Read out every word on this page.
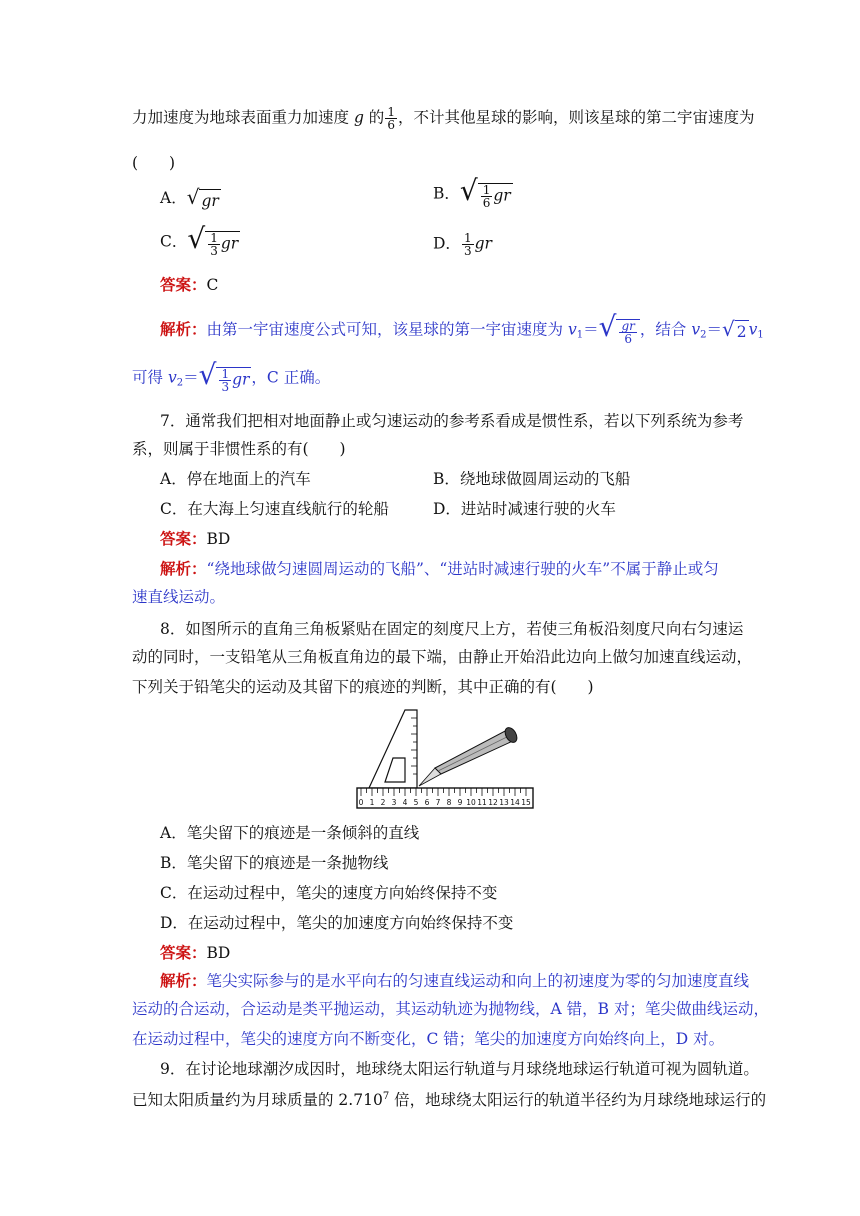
力加速度为地球表面重力加速度 g 的 $\frac{1}{6}$ ，不计其他星球的影响，则该星球的第二宇宙速度为
(　　)
A．√ gr	B．√ $\frac{1}{6}$ gr
C．√ $\frac{1}{3}$ gr	D． $\frac{1}{3}$ gr
答案：C
解析：由第一宇宙速度公式可知，该星球的第一宇宙速度为 $v_1=√ \frac{gr}{6}$ ，结合 $v_2=√$ 2 $v_1$
可得 $v_2=√ \frac{1}{3}$ gr ，C 正确。
7．通常我们把相对地面静止或匀速运动的参考系看成是惯性系，若以下列系统为参考
系，则属于非惯性系的有(　　)
A．停在地面上的汽车	B．绕地球做圆周运动的飞船
C．在大海上匀速直线航行的轮船	D．进站时减速行驶的火车
答案：BD
解析：“绕地球做匀速圆周运动的飞船”、“进站时减速行驶的火车”不属于静止或匀
速直线运动。
8．如图所示的直角三角板紧贴在固定的刻度尺上方，若使三角板沿刻度尺向右匀速运
动的同时，一支铅笔从三角板直角边的最下端，由静止开始沿此边向上做匀加速直线运动，
下列关于铅笔尖的运动及其留下的痕迹的判断，其中正确的有(　　)
0 1 2 3 4 5 6 7 8 9 10 11 12 13 14 15
A．笔尖留下的痕迹是一条倾斜的直线
B．笔尖留下的痕迹是一条抛物线
C．在运动过程中，笔尖的速度方向始终保持不变
D．在运动过程中，笔尖的加速度方向始终保持不变
答案：BD
解析：笔尖实际参与的是水平向右的匀速直线运动和向上的初速度为零的匀加速度直线
运动的合运动，合运动是类平抛运动，其运动轨迹为抛物线，A 错，B 对；笔尖做曲线运动，
在运动过程中，笔尖的速度方向不断变化，C 错；笔尖的加速度方向始终向上，D 对。
9．在讨论地球潮汐成因时，地球绕太阳运行轨道与月球绕地球运行轨道可视为圆轨道。
已知太阳质量约为月球质量的 2.710$^7$ 倍，地球绕太阳运行的轨道半径约为月球绕地球运行的
